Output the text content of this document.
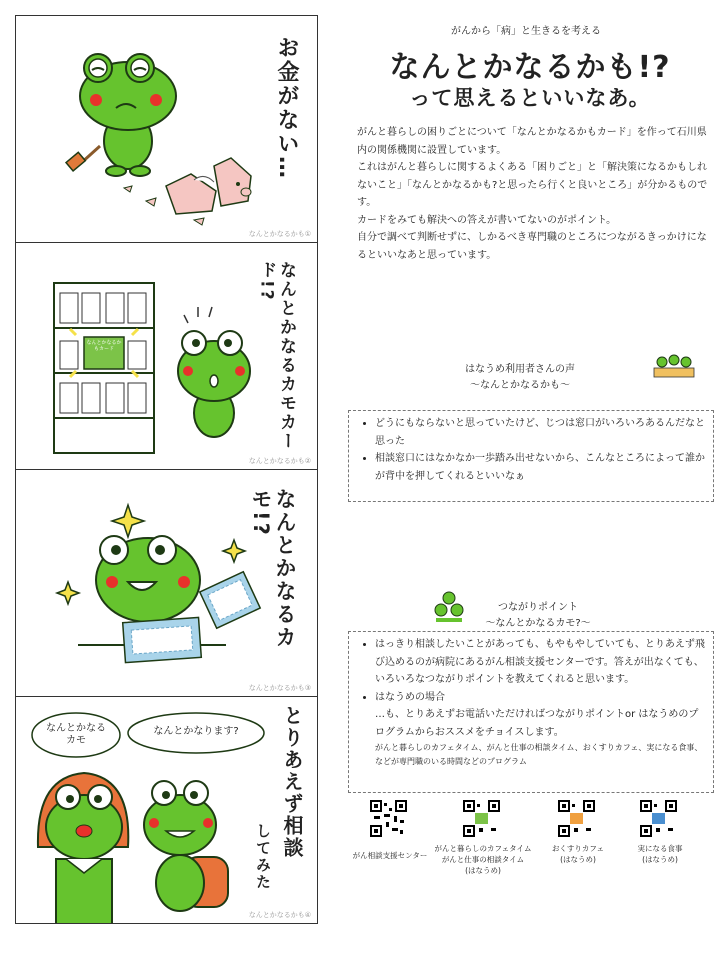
お金がない…
なんとかなるかも①
なんとかなるかもカード	なんとかなるカモカード!?
なんとかなるかも②
なんとかなるカモ!?
なんとかなるかも③
なんとかなる
カモ
なんとかなります?	とりあえず相談
してみた
なんとかなるかも④
がんから「病」と生きるを考える
なんとかなるかも!?
って思えるといいなあ。

がんと暮らしの困りごとについて「なんとかなるかもカード」を作って石川県内の関係機関に設置しています。

これはがんと暮らしに関するよくある「困りごと」と「解決策になるかもしれないこと」「なんとかなるかも?と思ったら行くと良いところ」が分かるものです。

カードをみても解決への答えが書いてないのがポイント。

自分で調べて判断せずに、しかるべき専門職のところにつながるきっかけになるといいなあと思っています。

はなうめ利用者さんの声
〜なんとかなるかも〜
• どうにもならないと思っていたけど、じつは窓口がいろいろあるんだなと思った
• 相談窓口にはなかなか一歩踏み出せないから、こんなところによって誰かが背中を押してくれるといいなぁ
つながりポイント
〜なんとかなるカモ?〜
• はっきり相談したいことがあっても、もやもやしていても、とりあえず飛び込めるのが病院にあるがん相談支援センターです。答えが出なくても、いろいろなつながりポイントを教えてくれると思います。
• はなうめの場合
…も、とりあえずお電話いただければつながりポイントor はなうめのプログラムからおススメをチョイスします。
がんと暮らしのカフェタイム、がんと仕事の相談タイム、おくすりカフェ、実になる食事、などが専門職のいる時間などのプログラム
がん相談支援センター
がんと暮らしのカフェタイム
がんと仕事の相談タイム
(はなうめ)
おくすりカフェ
(はなうめ)
実になる食事
(はなうめ)
